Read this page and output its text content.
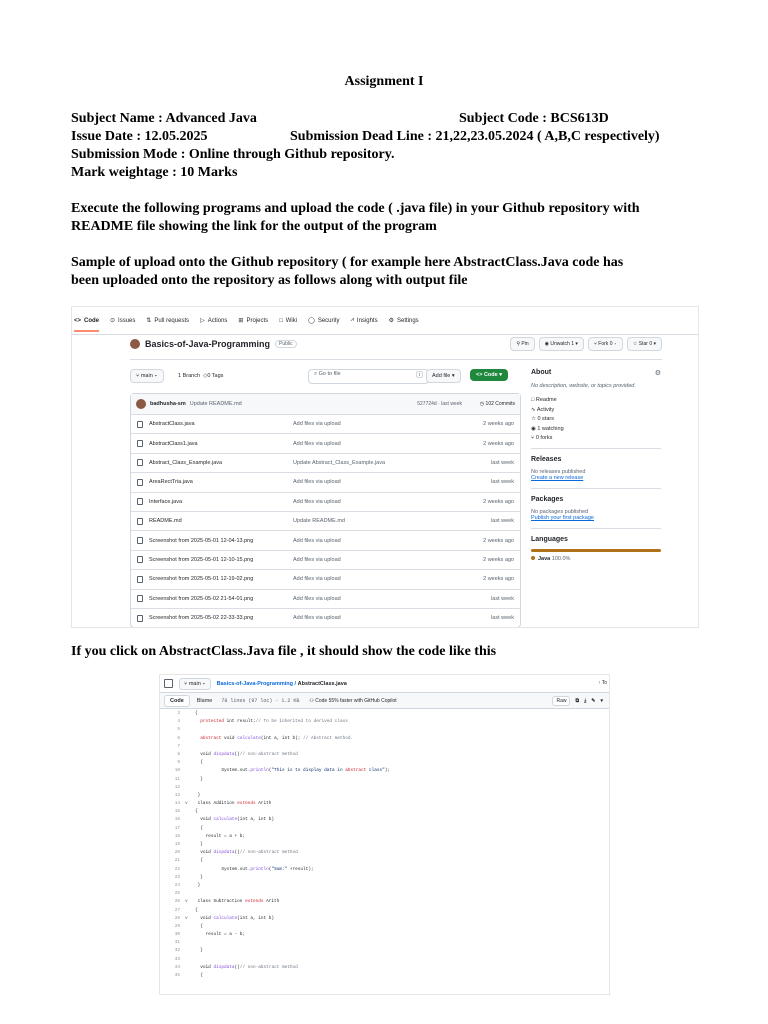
Assignment I
Subject Name : Advanced Java	Subject Code : BCS613D
Issue Date : 12.05.2025	Submission Dead Line : 21,22,23.05.2024 ( A,B,C respectively)
Submission Mode : Online through Github repository.
Mark weightage : 10 Marks
Execute the following programs and upload the code ( .java file) in your Github repository with
README file showing the link for the output of the program
Sample of upload onto the Github repository ( for example here AbstractClass.Java code has
been uploaded onto the repository as follows along with output file
If you click on AbstractClass.Java file , it should show the code like this
<> Code ⊙ Issues ⇅ Pull requests ▷ Actions ⊞ Projects □ Wiki ◯ Security ⩘ Insights ⚙ Settings
Basics-of-Java-Programming	Public	⚲ Pin	◉ Unwatch 1 ▾	⑂ Fork 0 ▾	☆ Star 0 ▾
⑂ main ▾	1 Branch ◇0 Tags	⌕ Go to file	t	Add file ▾	<> Code ▾
badhusha-sm Update README.md	527724d · last week	◷ 102 Commits
AbstractClass.java	Add files via upload	2 weeks ago
AbstractClass1.java	Add files via upload	2 weeks ago
Abstract_Class_Example.java	Update Abstract_Class_Example.java	last week
AreaRectTria.java	Add files via upload	last week
Interface.java	Add files via upload	2 weeks ago
README.md	Update README.md	last week
Screenshot from 2025-05-01 12-04-13.png	Add files via upload	2 weeks ago
Screenshot from 2025-05-01 12-10-15.png	Add files via upload	2 weeks ago
Screenshot from 2025-05-01 12-19-02.png	Add files via upload	2 weeks ago
Screenshot from 2025-05-02 21-54-01.png	Add files via upload	last week
Screenshot from 2025-05-02 22-33-33.png	Add files via upload	last week
About	⚙
No description, website, or topics provided.
□ Readme
∿ Activity
☆ 0 stars
◉ 1 watching
⑂ 0 forks
Releases
No releases published
Create a new release
Packages
No packages published
Publish your first package
Languages
Java 100.0%
⑂ main ▾	Basics-of-Java-Programming / AbstractClass.java	↑ To
Code	Blame	78 lines (97 loc) · 1.2 KB ⚇ Code 55% faster with GitHub Copilot	Raw	⧉ ⤓ ✎ ▾
3	{
4	protected int result;// To be inherited to derived class
5
6	abstract void calculate(int a, int b); // Abstract method.
7
8	void dispdata()// non-abstract method
9	{
10	System.out.println("This is to display data in abstract class");
11	}
12
13	}
14 v class Addition extends Arith
15	{
16	void calculate(int a, int b)
17	{
18	result = a + b;
19	}
20	void dispdata()// non-abstract method
21	{
22	System.out.println("Sum:" +result);
23	}
24	}
25
26 v class Subtraction extends Arith
27	{
28 v void calculate(int a, int b)
29	{
30	result = a - b;
31
32	}
33
34	void dispdata()// non-abstract method
35	{
